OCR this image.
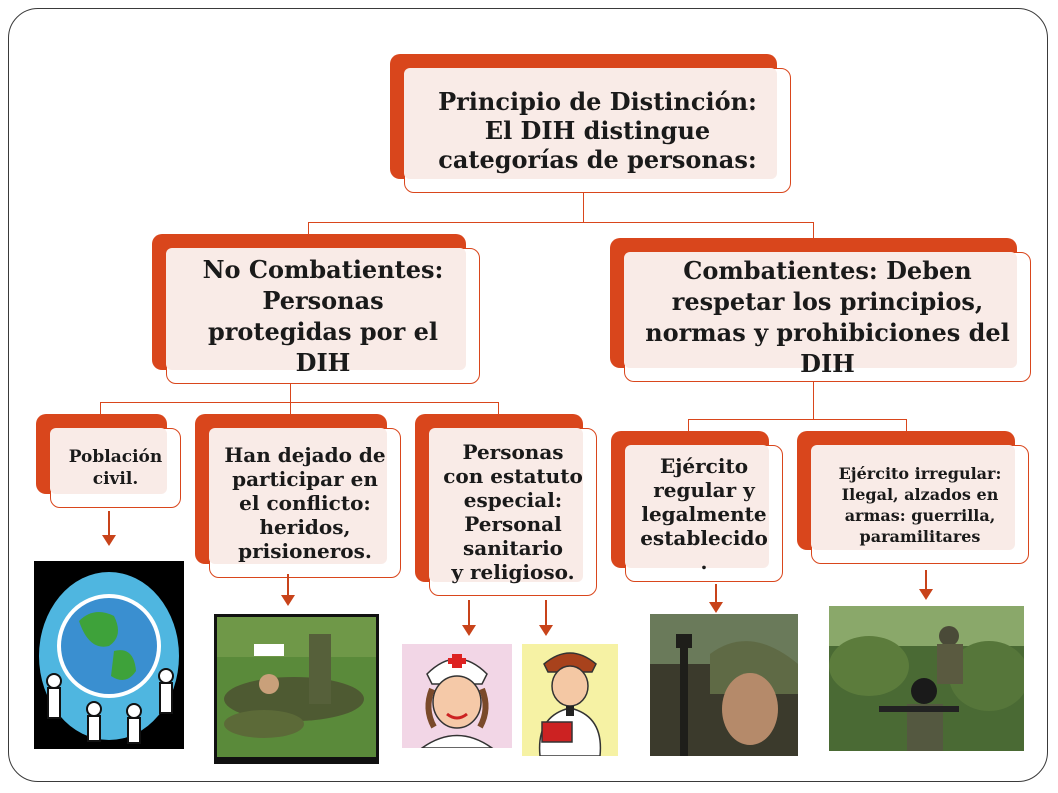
Principio de Distinción:
El DIH distingue
categorías de personas:
No Combatientes:
Personas
protegidas por el
DIH
Combatientes: Deben
respetar los principios,
normas y prohibiciones del
DIH
Población
civil.
Han dejado de
participar en
el conflicto:
heridos,
prisioneros.
Personas
con estatuto
especial:
Personal
sanitario
y religioso.
Ejército
regular y
legalmente
establecido
.
Ejército irregular:
Ilegal, alzados en
armas: guerrilla,
paramilitares
